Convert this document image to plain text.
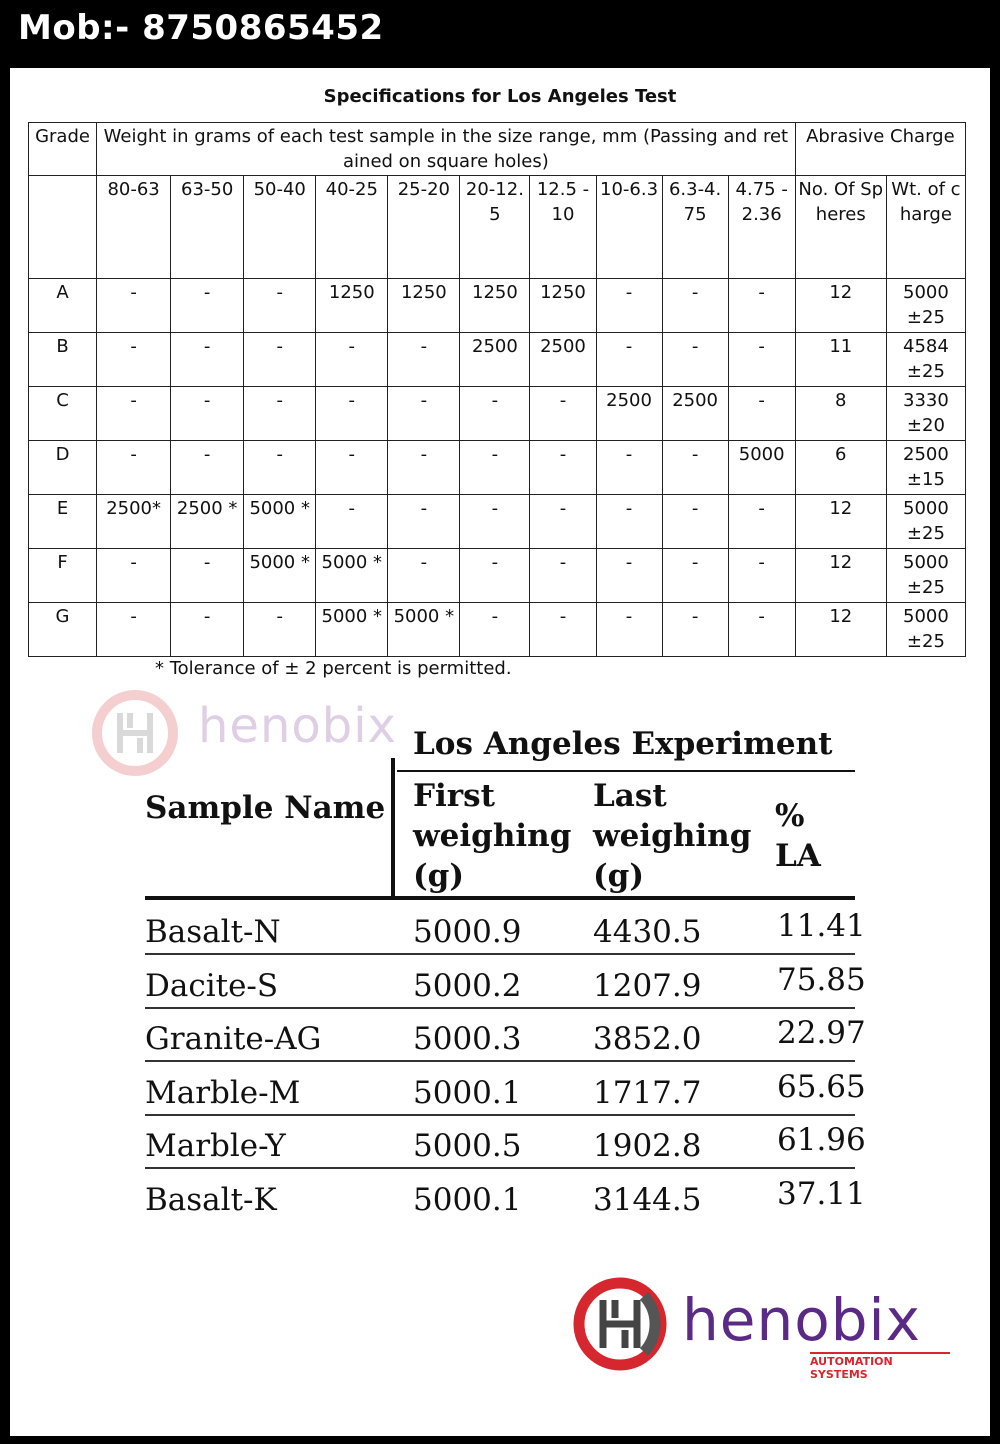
Mob:- 8750865452
Specifications for Los Angeles Test
Grade	Weight in grams of each test sample in the size range, mm (Passing and retained on square holes)										Abrasive Charge	
	80-63	63-50	50-40	40-25	25-20	20-12.5	12.5 - 10	10-6.3	6.3-4.75	4.75 - 2.36	No. Of Spheres	Wt. of charge
A	-	-	-	1250	1250	1250	1250	-	-	-	12	5000 ±25
B	-	-	-	-	-	2500	2500	-	-	-	11	4584 ±25
C	-	-	-	-	-	-	-	2500	2500	-	8	3330 ±20
D	-	-	-	-	-	-	-	-	-	5000	6	2500 ±15
E	2500*	2500 *	5000 *	-	-	-	-	-	-	-	12	5000 ±25
F	-	-	5000 *	5000 *	-	-	-	-	-	-	12	5000 ±25
G	-	-	-	5000 *	5000 *	-	-	-	-	-	12	5000 ±25
* Tolerance of ± 2 percent is permitted.
henobix Los Angeles Experiment
Sample Name First weighing (g)
Last weighing (g)
% LA
Basalt-N	5000.9 4430.5 11.41
Dacite-S	5000.2 1207.9 75.85
Granite-AG	5000.3 3852.0 22.97
Marble-M	5000.1 1717.7 65.65
Marble-Y	5000.5 1902.8 61.96
Basalt-K	5000.1 3144.5 37.11
henobix
AUTOMATION SYSTEMS
